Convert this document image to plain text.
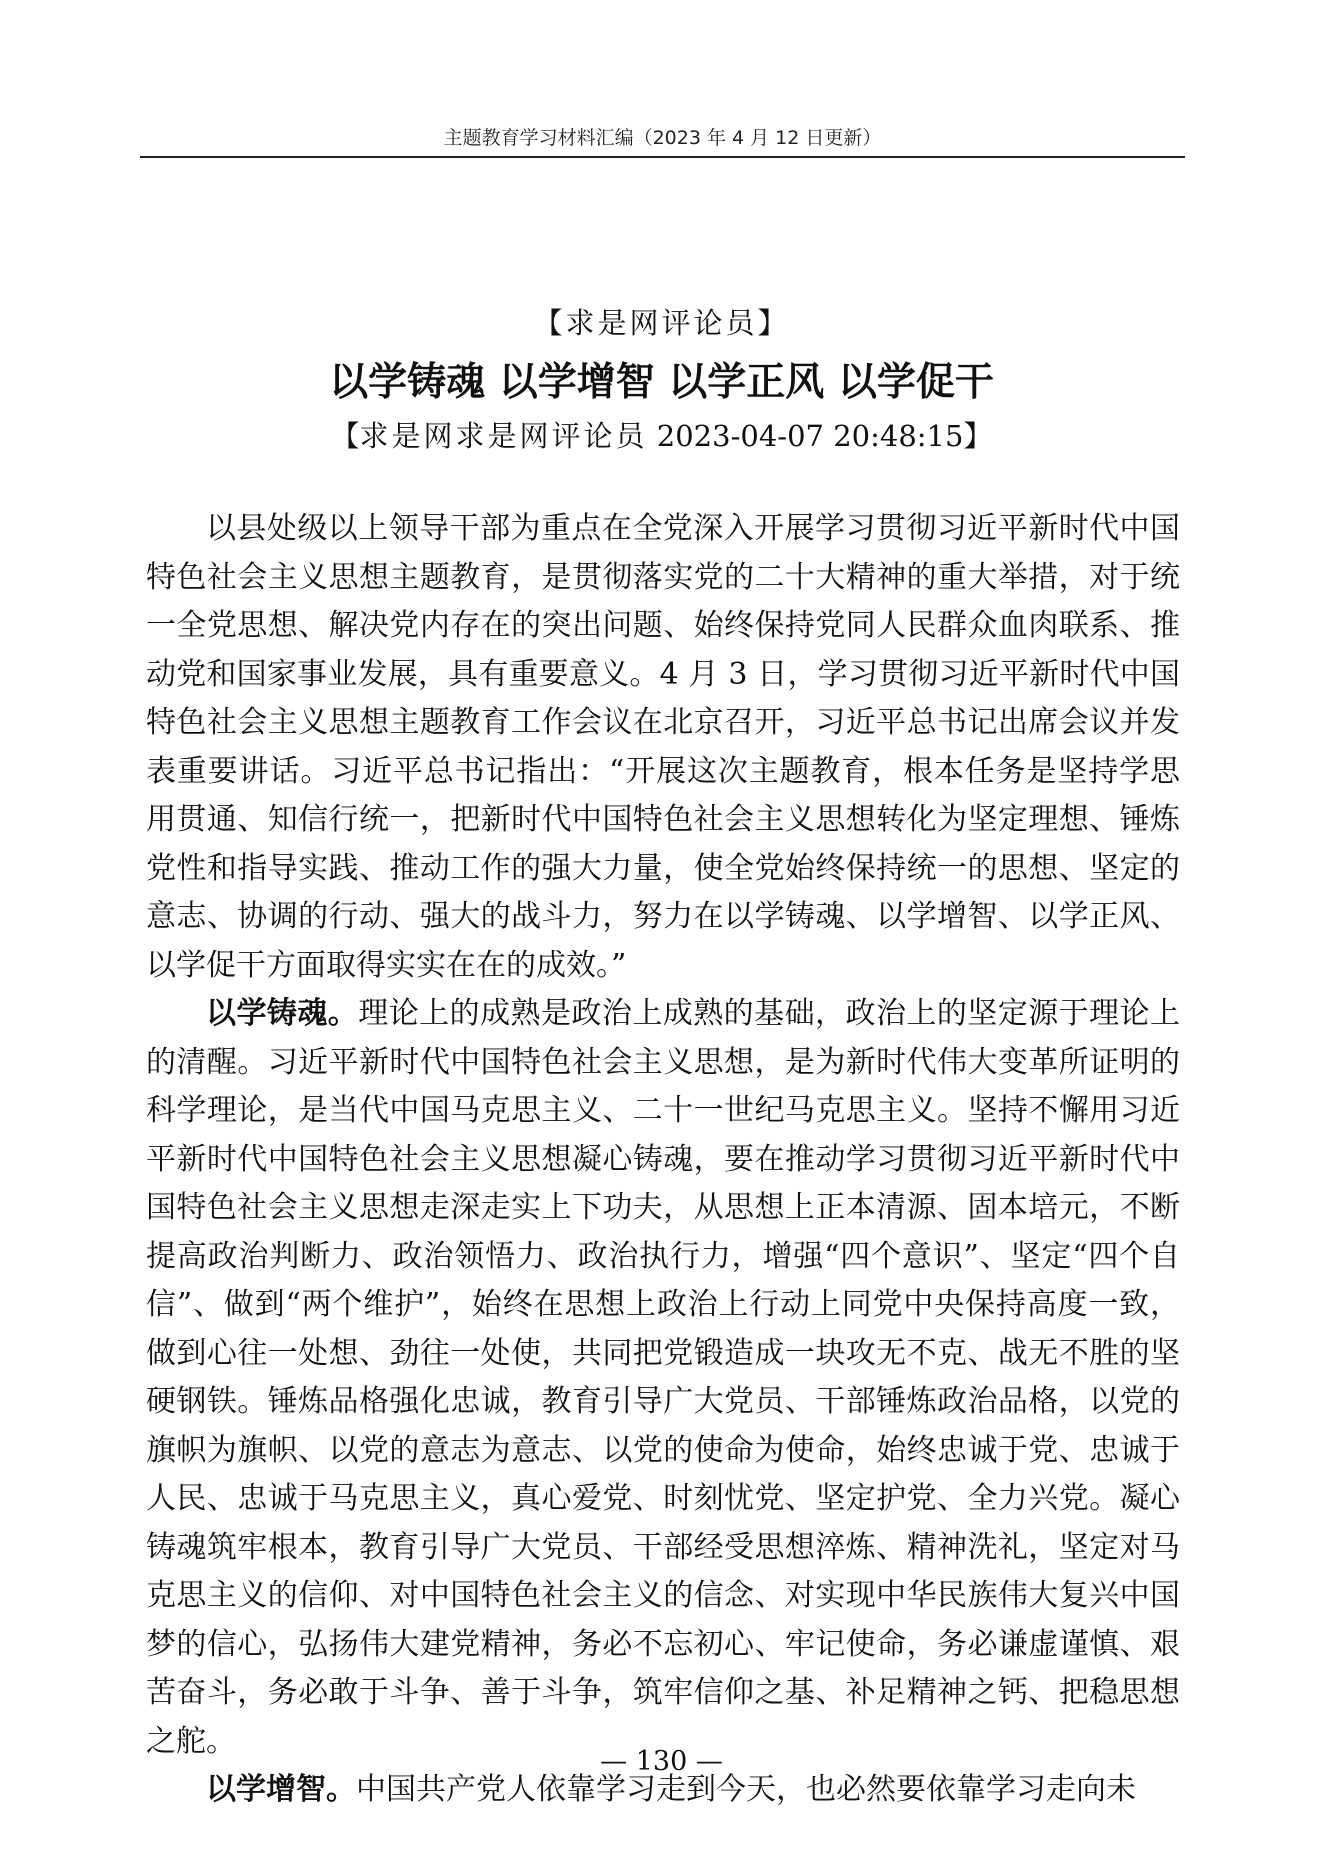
主题教育学习材料汇编（2023 年 4 月 12 日更新）
【求是网评论员】
以学铸魂 以学增智 以学正风 以学促干
【求是网求是网评论员 2023-04-07 20:48:15】

以县处级以上领导干部为重点在全党深入开展学习贯彻习近平新时代中国特色社会主义思想主题教育，是贯彻落实党的二十大精神的重大举措，对于统一全党思想、解决党内存在的突出问题、始终保持党同人民群众血肉联系、推动党和国家事业发展，具有重要意义。4 月 3 日，学习贯彻习近平新时代中国特色社会主义思想主题教育工作会议在北京召开，习近平总书记出席会议并发表重要讲话。习近平总书记指出：“开展这次主题教育，根本任务是坚持学思用贯通、知信行统一，把新时代中国特色社会主义思想转化为坚定理想、锤炼党性和指导实践、推动工作的强大力量，使全党始终保持统一的思想、坚定的意志、协调的行动、强大的战斗力，努力在以学铸魂、以学增智、以学正风、以学促干方面取得实实在在的成效。”

以学铸魂。理论上的成熟是政治上成熟的基础，政治上的坚定源于理论上的清醒。习近平新时代中国特色社会主义思想，是为新时代伟大变革所证明的科学理论，是当代中国马克思主义、二十一世纪马克思主义。坚持不懈用习近平新时代中国特色社会主义思想凝心铸魂，要在推动学习贯彻习近平新时代中国特色社会主义思想走深走实上下功夫，从思想上正本清源、固本培元，不断提高政治判断力、政治领悟力、政治执行力，增强“四个意识”、坚定“四个自信”、做到“两个维护”，始终在思想上政治上行动上同党中央保持高度一致，做到心往一处想、劲往一处使，共同把党锻造成一块攻无不克、战无不胜的坚硬钢铁。锤炼品格强化忠诚，教育引导广大党员、干部锤炼政治品格，以党的旗帜为旗帜、以党的意志为意志、以党的使命为使命，始终忠诚于党、忠诚于人民、忠诚于马克思主义，真心爱党、时刻忧党、坚定护党、全力兴党。凝心铸魂筑牢根本，教育引导广大党员、干部经受思想淬炼、精神洗礼，坚定对马克思主义的信仰、对中国特色社会主义的信念、对实现中华民族伟大复兴中国梦的信心，弘扬伟大建党精神，务必不忘初心、牢记使命，务必谦虚谨慎、艰苦奋斗，务必敢于斗争、善于斗争，筑牢信仰之基、补足精神之钙、把稳思想之舵。

以学增智。中国共产党人依靠学习走到今天，也必然要依靠学习走向未

— 130 —
